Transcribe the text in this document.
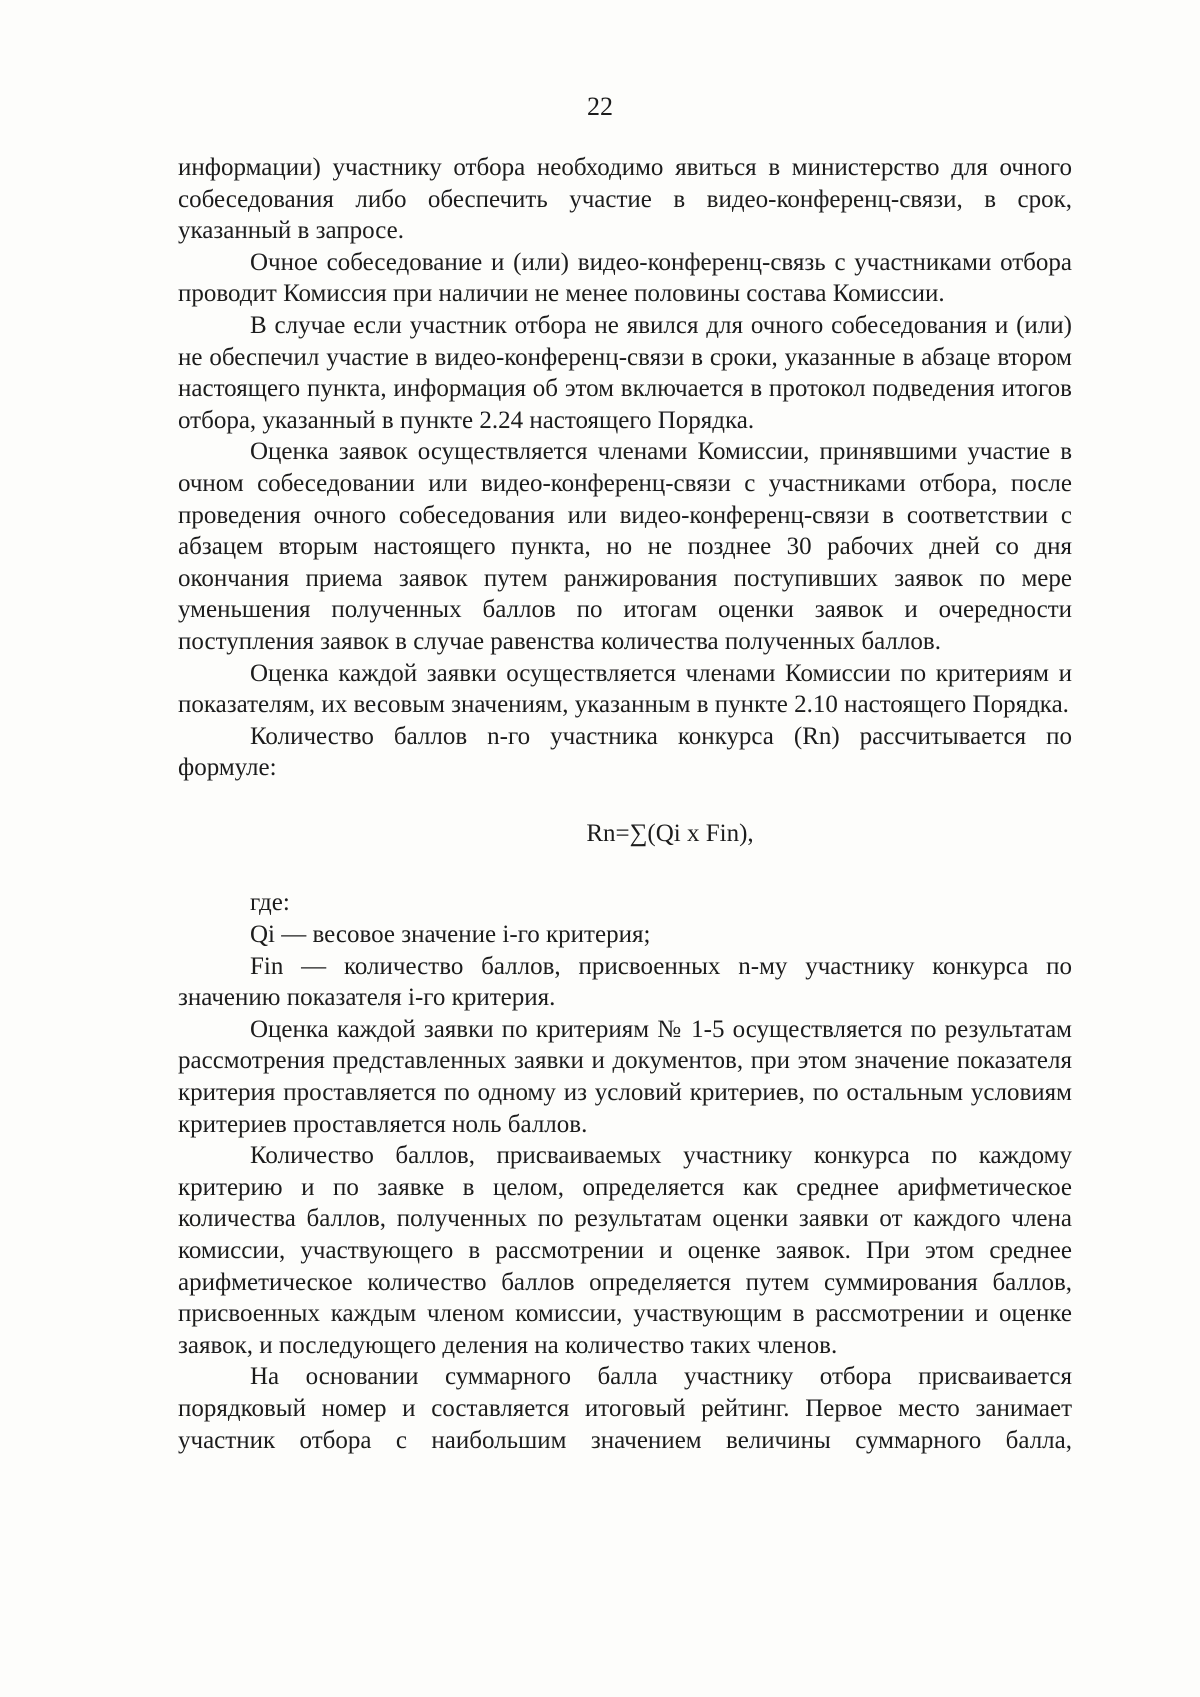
22

информации) участнику отбора необходимо явиться в министерство для очного собеседования либо обеспечить участие в видео-конференц-связи, в срок, указанный в запросе.

Очное собеседование и (или) видео-конференц-связь с участниками отбора проводит Комиссия при наличии не менее половины состава Комиссии.

В случае если участник отбора не явился для очного собеседования и (или) не обеспечил участие в видео-конференц-связи в сроки, указанные в абзаце втором настоящего пункта, информация об этом включается в протокол подведения итогов отбора, указанный в пункте 2.24 настоящего Порядка.

Оценка заявок осуществляется членами Комиссии, принявшими участие в очном собеседовании или видео-конференц-связи с участниками отбора, после проведения очного собеседования или видео-конференц-связи в соответствии с абзацем вторым настоящего пункта, но не позднее 30 рабочих дней со дня окончания приема заявок путем ранжирования поступивших заявок по мере уменьшения полученных баллов по итогам оценки заявок и очередности поступления заявок в случае равенства количества полученных баллов.

Оценка каждой заявки осуществляется членами Комиссии по критериям и показателям, их весовым значениям, указанным в пункте 2.10 настоящего Порядка.

Количество баллов n-го участника конкурса (Rn) рассчитывается по формуле:

Rn=∑(Qi x Fin),

где:

Qi — весовое значение i-го критерия;

Fin — количество баллов, присвоенных n-му участнику конкурса по значению показателя i-го критерия.

Оценка каждой заявки по критериям № 1-5 осуществляется по результатам рассмотрения представленных заявки и документов, при этом значение показателя критерия проставляется по одному из условий критериев, по остальным условиям критериев проставляется ноль баллов.

Количество баллов, присваиваемых участнику конкурса по каждому критерию и по заявке в целом, определяется как среднее арифметическое количества баллов, полученных по результатам оценки заявки от каждого члена комиссии, участвующего в рассмотрении и оценке заявок. При этом среднее арифметическое количество баллов определяется путем суммирования баллов, присвоенных каждым членом комиссии, участвующим в рассмотрении и оценке заявок, и последующего деления на количество таких членов.

На основании суммарного балла участнику отбора присваивается порядковый номер и составляется итоговый рейтинг. Первое место занимает участник отбора с наибольшим значением величины суммарного балла,
